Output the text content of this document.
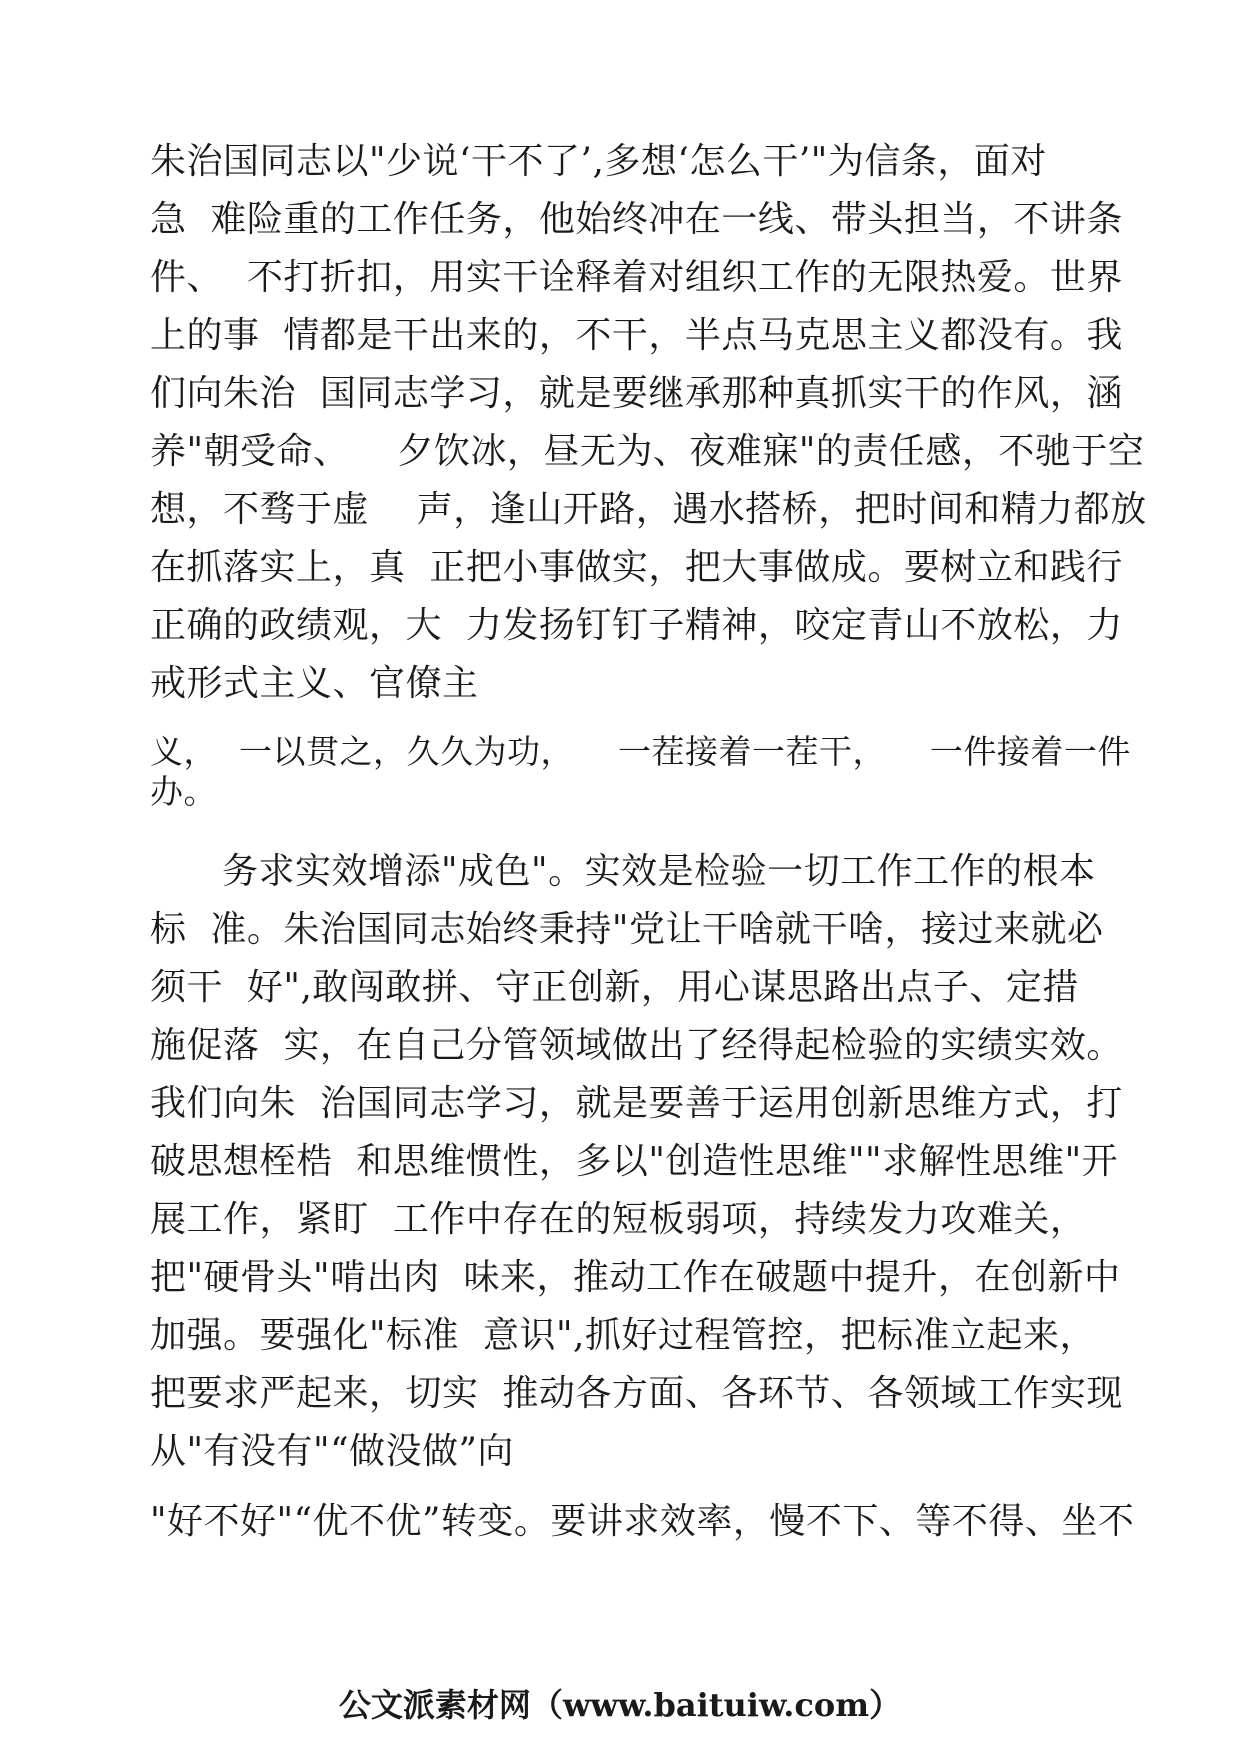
朱治国同志以"少说‘干不了’,多想‘怎么干’"为信条，面对
急  难险重的工作任务，他始终冲在一线、带头担当，不讲条
件、  不打折扣，用实干诠释着对组织工作的无限热爱。世界
上的事  情都是干出来的，不干，半点马克思主义都没有。我
们向朱治  国同志学习，就是要继承那种真抓实干的作风，涵
养"朝受命、    夕饮冰，昼无为、夜难寐"的责任感，不驰于空
想，不骛于虚    声，逢山开路，遇水搭桥，把时间和精力都放
在抓落实上，真  正把小事做实，把大事做成。要树立和践行
正确的政绩观，大  力发扬钉钉子精神，咬定青山不放松，力
戒形式主义、官僚主
义，  一以贯之，久久为功，    一茬接着一茬干，    一件接着一件
办。
务求实效增添"成色"。实效是检验一切工作工作的根本
标  准。朱治国同志始终秉持"党让干啥就干啥，接过来就必
须干  好",敢闯敢拼、守正创新，用心谋思路出点子、定措
施促落  实，在自己分管领域做出了经得起检验的实绩实效。
我们向朱  治国同志学习，就是要善于运用创新思维方式，打
破思想桎梏  和思维惯性，多以"创造性思维""求解性思维"开
展工作，紧盯  工作中存在的短板弱项，持续发力攻难关，
把"硬骨头"啃出肉  味来，推动工作在破题中提升，在创新中
加强。要强化"标准  意识",抓好过程管控，把标准立起来，
把要求严起来，切实  推动各方面、各环节、各领域工作实现
从"有没有"“做没做”向
"好不好"“优不优”转变。要讲求效率，慢不下、等不得、坐不
公文派素材网（www.baituiw.com）
